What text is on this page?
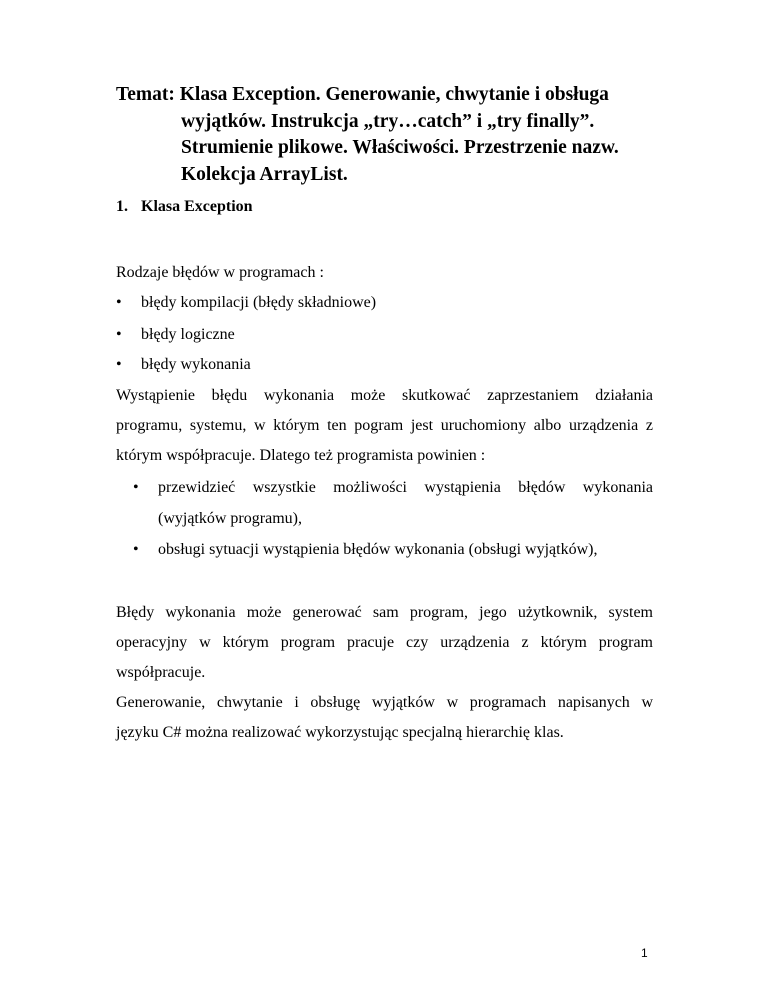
Temat: Klasa Exception. Generowanie, chwytanie i obsługa
wyjątków. Instrukcja „try…catch” i „try finally”.
Strumienie plikowe. Właściwości. Przestrzenie nazw.
Kolekcja ArrayList.
1. Klasa Exception
Rodzaje błędów w programach :
• błędy kompilacji (błędy składniowe)
• błędy logiczne
• błędy wykonania
Wystąpienie błędu wykonania może skutkować zaprzestaniem działania
programu, systemu, w którym ten pogram jest uruchomiony albo urządzenia z
którym współpracuje. Dlatego też programista powinien :
• przewidzieć wszystkie możliwości wystąpienia błędów wykonania
(wyjątków programu),
• obsługi sytuacji wystąpienia błędów wykonania (obsługi wyjątków),
Błędy wykonania może generować sam program, jego użytkownik, system
operacyjny w którym program pracuje czy urządzenia z którym program
współpracuje.
Generowanie, chwytanie i obsługę wyjątków w programach napisanych w
języku C# można realizować wykorzystując specjalną hierarchię klas.
1
